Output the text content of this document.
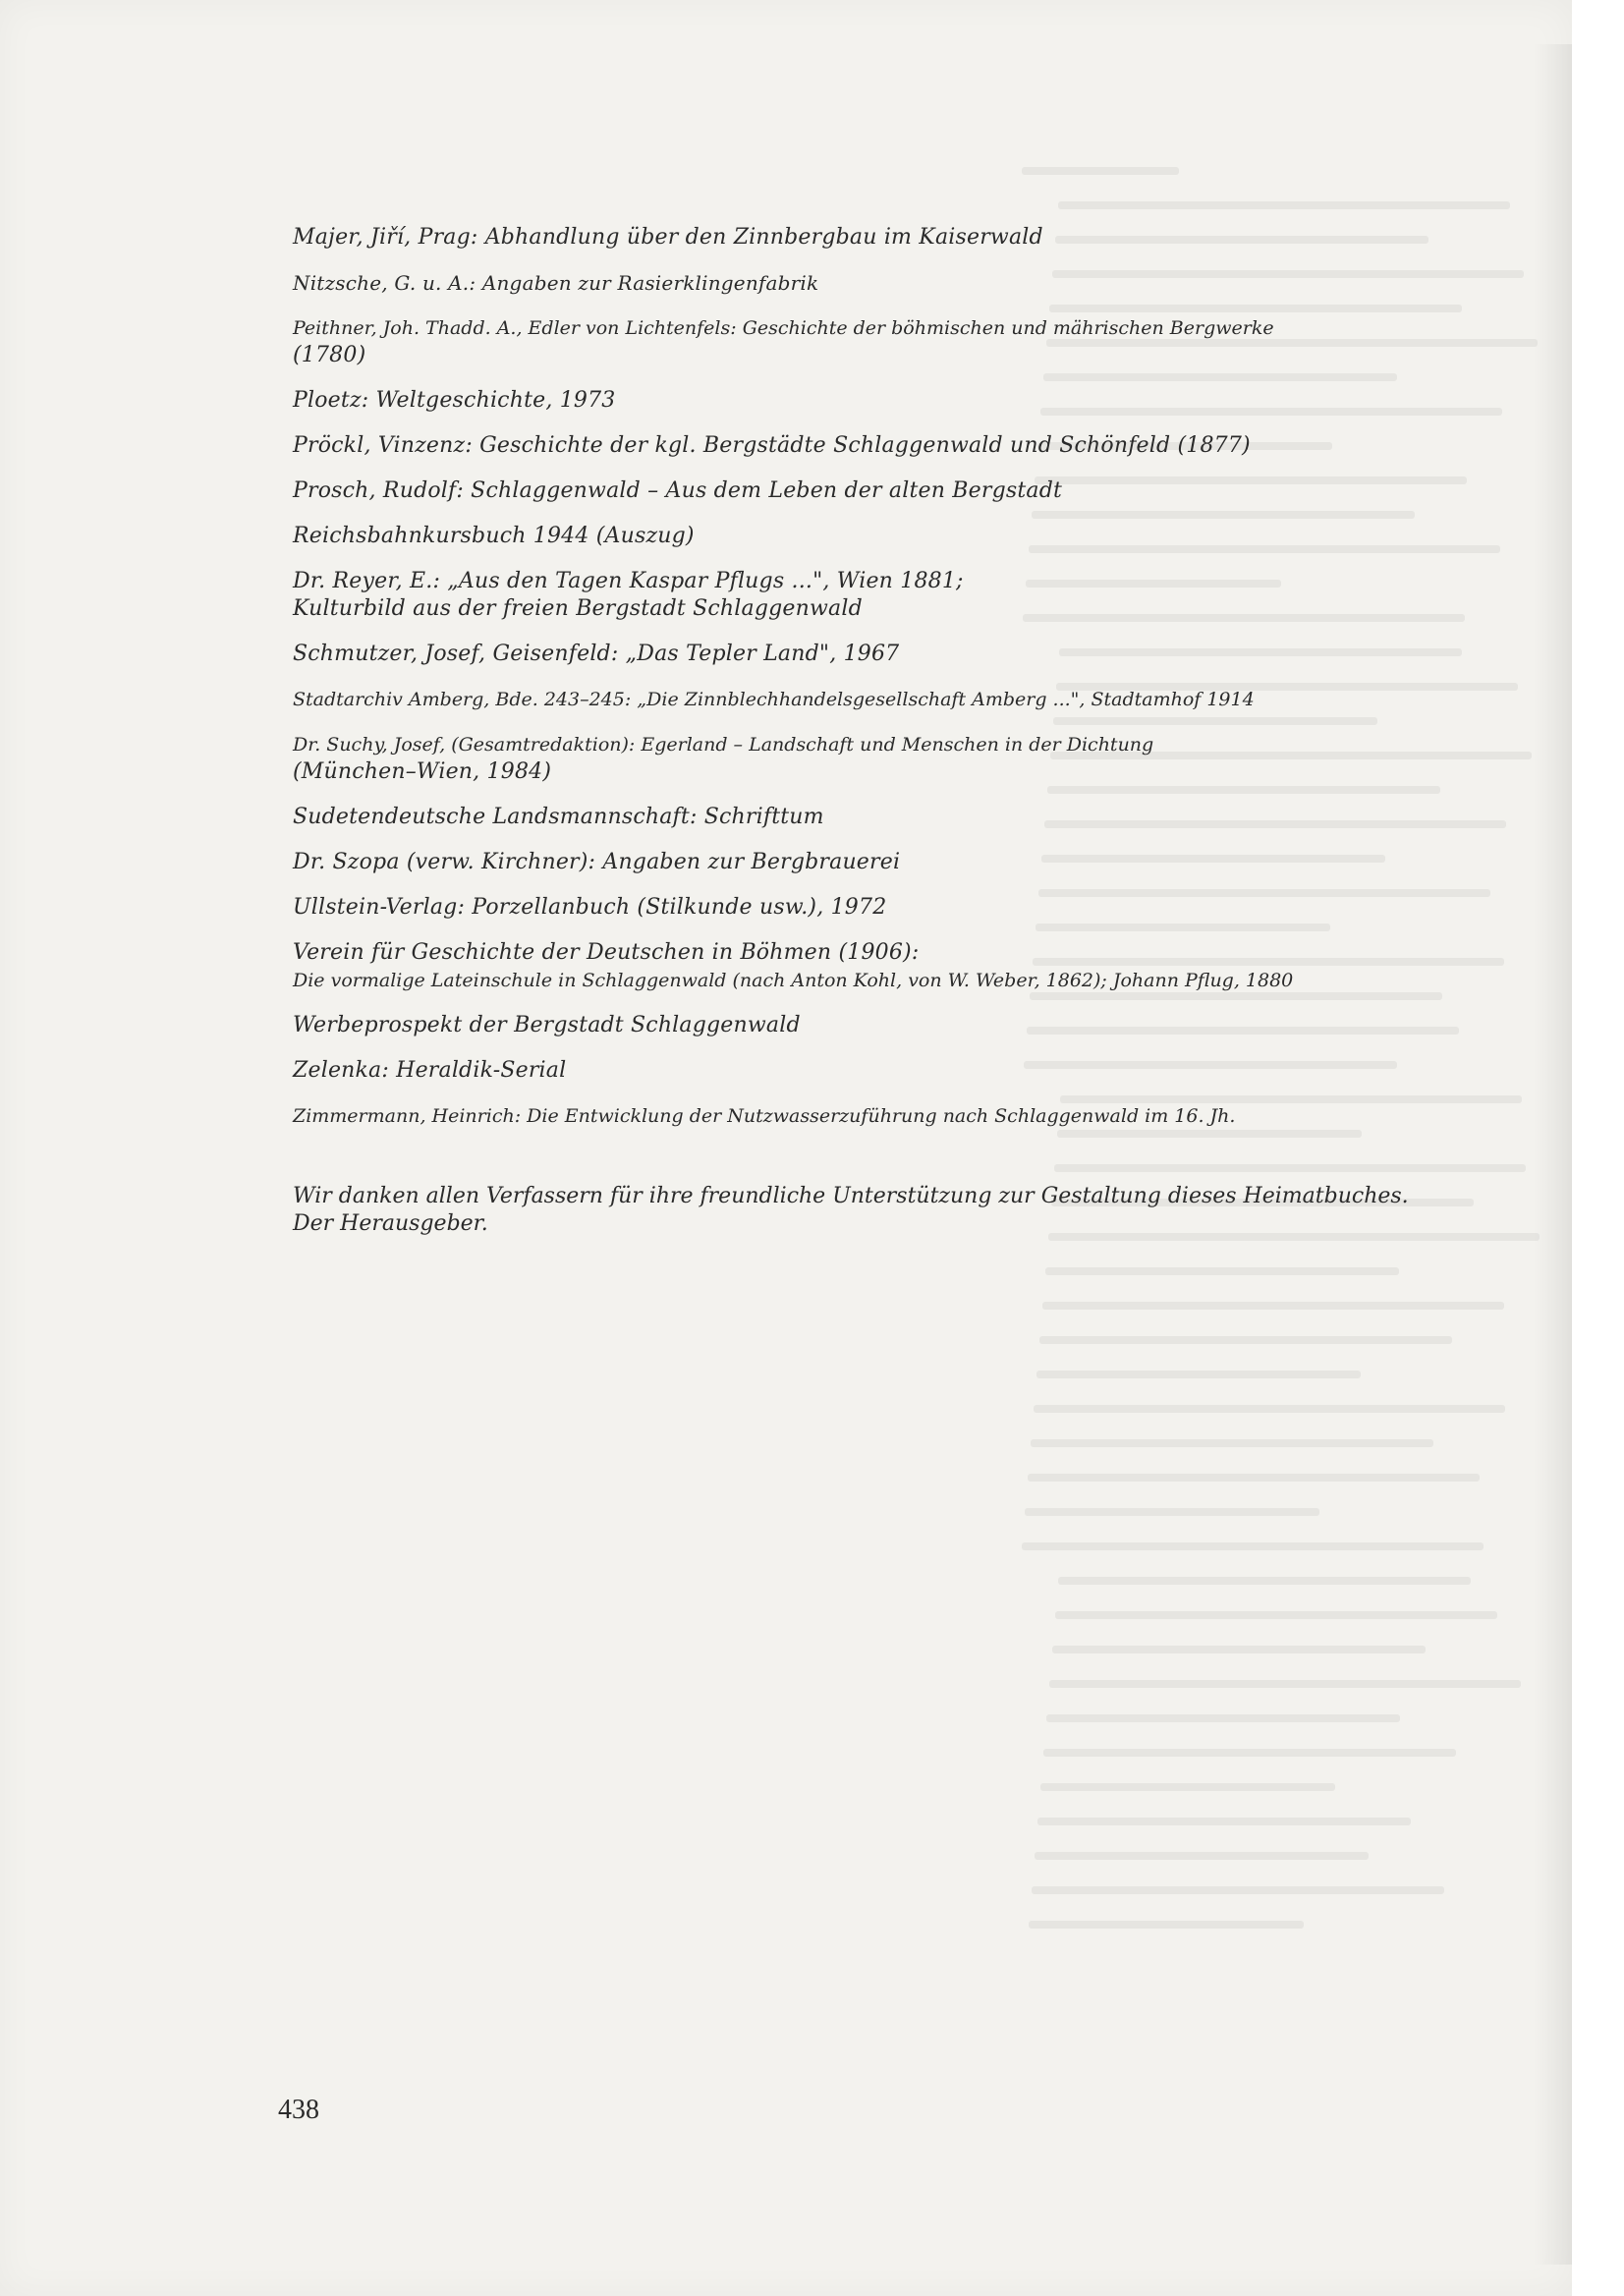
Majer, Jiří, Prag: Abhandlung über den Zinnbergbau im Kaiserwald
Nitzsche, G. u. A.: Angaben zur Rasierklingenfabrik
Peithner, Joh. Thadd. A., Edler von Lichtenfels: Geschichte der böhmischen und mährischen Bergwerke
(1780)
Ploetz: Weltgeschichte, 1973
Pröckl, Vinzenz: Geschichte der kgl. Bergstädte Schlaggenwald und Schönfeld (1877)
Prosch, Rudolf: Schlaggenwald – Aus dem Leben der alten Bergstadt
Reichsbahnkursbuch 1944 (Auszug)
Dr. Reyer, E.: „Aus den Tagen Kaspar Pflugs ...", Wien 1881;
Kulturbild aus der freien Bergstadt Schlaggenwald
Schmutzer, Josef, Geisenfeld: „Das Tepler Land", 1967
Stadtarchiv Amberg, Bde. 243–245: „Die Zinnblechhandelsgesellschaft Amberg ...", Stadtamhof 1914
Dr. Suchy, Josef, (Gesamtredaktion): Egerland – Landschaft und Menschen in der Dichtung
(München–Wien, 1984)
Sudetendeutsche Landsmannschaft: Schrifttum
Dr. Szopa (verw. Kirchner): Angaben zur Bergbrauerei
Ullstein-Verlag: Porzellanbuch (Stilkunde usw.), 1972
Verein für Geschichte der Deutschen in Böhmen (1906):
Die vormalige Lateinschule in Schlaggenwald (nach Anton Kohl, von W. Weber, 1862); Johann Pflug, 1880
Werbeprospekt der Bergstadt Schlaggenwald
Zelenka: Heraldik-Serial
Zimmermann, Heinrich: Die Entwicklung der Nutzwasserzuführung nach Schlaggenwald im 16. Jh.
Wir danken allen Verfassern für ihre freundliche Unterstützung zur Gestaltung dieses Heimatbuches.
Der Herausgeber.
438
